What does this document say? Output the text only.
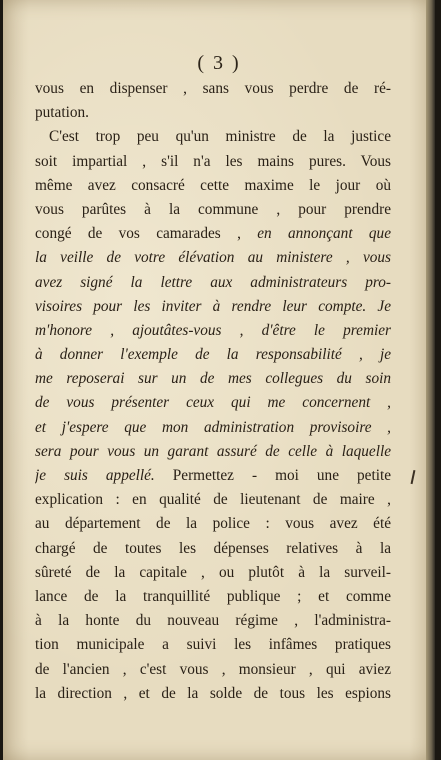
( 3 )
vous en dispenser , sans vous perdre de ré-
putation.
C'est trop peu qu'un ministre de la justice
soit impartial , s'il n'a les mains pures. Vous
même avez consacré cette maxime le jour où
vous parûtes à la commune , pour prendre
congé de vos camarades , en annonçant que
la veille de votre élévation au ministere , vous
avez signé la lettre aux administrateurs pro-
visoires pour les inviter à rendre leur compte. Je
m'honore , ajoutâtes-vous , d'être le premier
à donner l'exemple de la responsabilité , je
me reposerai sur un de mes collegues du soin
de vous présenter ceux qui me concernent ,
et j'espere que mon administration provisoire ,
sera pour vous un garant assuré de celle à laquelle
je suis appellé. Permettez - moi une petite
explication : en qualité de lieutenant de maire ,
au département de la police : vous avez été
chargé de toutes les dépenses relatives à la
sûreté de la capitale , ou plutôt à la surveil-
lance de la tranquillité publique ; et comme
à la honte du nouveau régime , l'administra-
tion municipale a suivi les infâmes pratiques
de l'ancien , c'est vous , monsieur , qui aviez
la direction , et de la solde de tous les espions
